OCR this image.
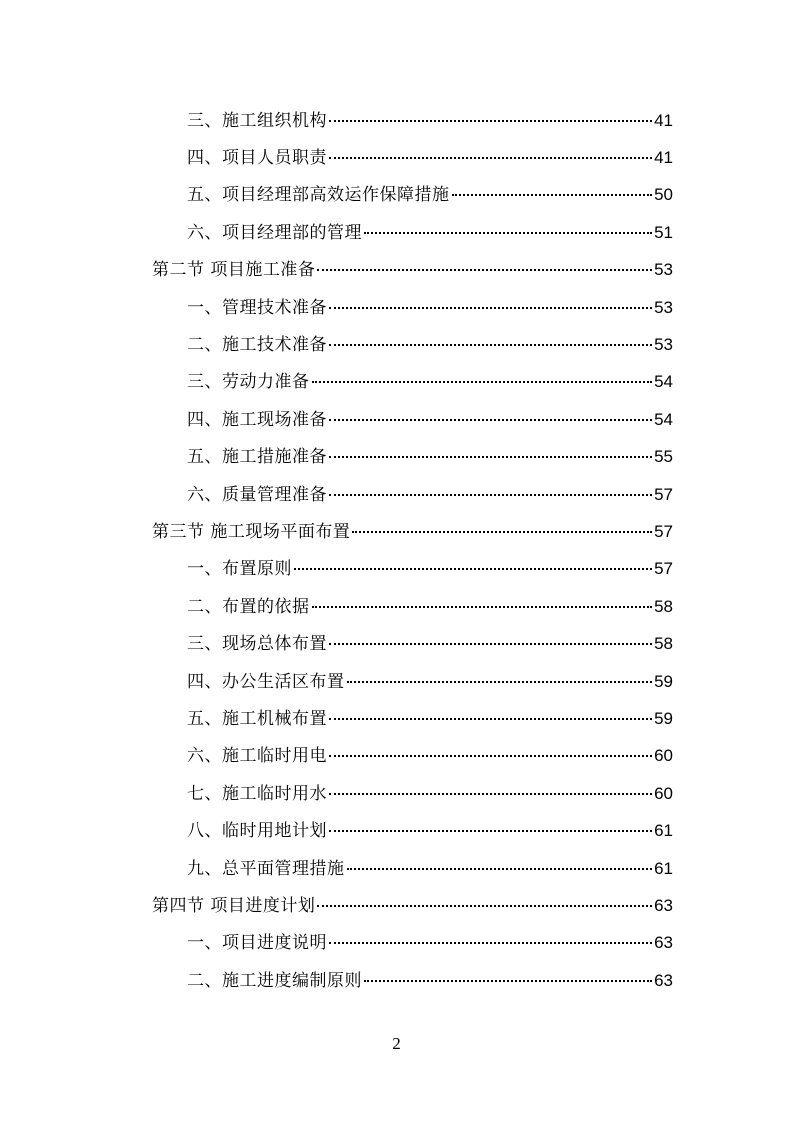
三、施工组织机构	41
四、项目人员职责	41
五、项目经理部高效运作保障措施	50
六、项目经理部的管理	51
第二节 项目施工准备	53
一、管理技术准备	53
二、施工技术准备	53
三、劳动力准备	54
四、施工现场准备	54
五、施工措施准备	55
六、质量管理准备	57
第三节 施工现场平面布置	57
一、布置原则	57
二、布置的依据	58
三、现场总体布置	58
四、办公生活区布置	59
五、施工机械布置	59
六、施工临时用电	60
七、施工临时用水	60
八、临时用地计划	61
九、总平面管理措施	61
第四节 项目进度计划	63
一、项目进度说明	63
二、施工进度编制原则	63
2
